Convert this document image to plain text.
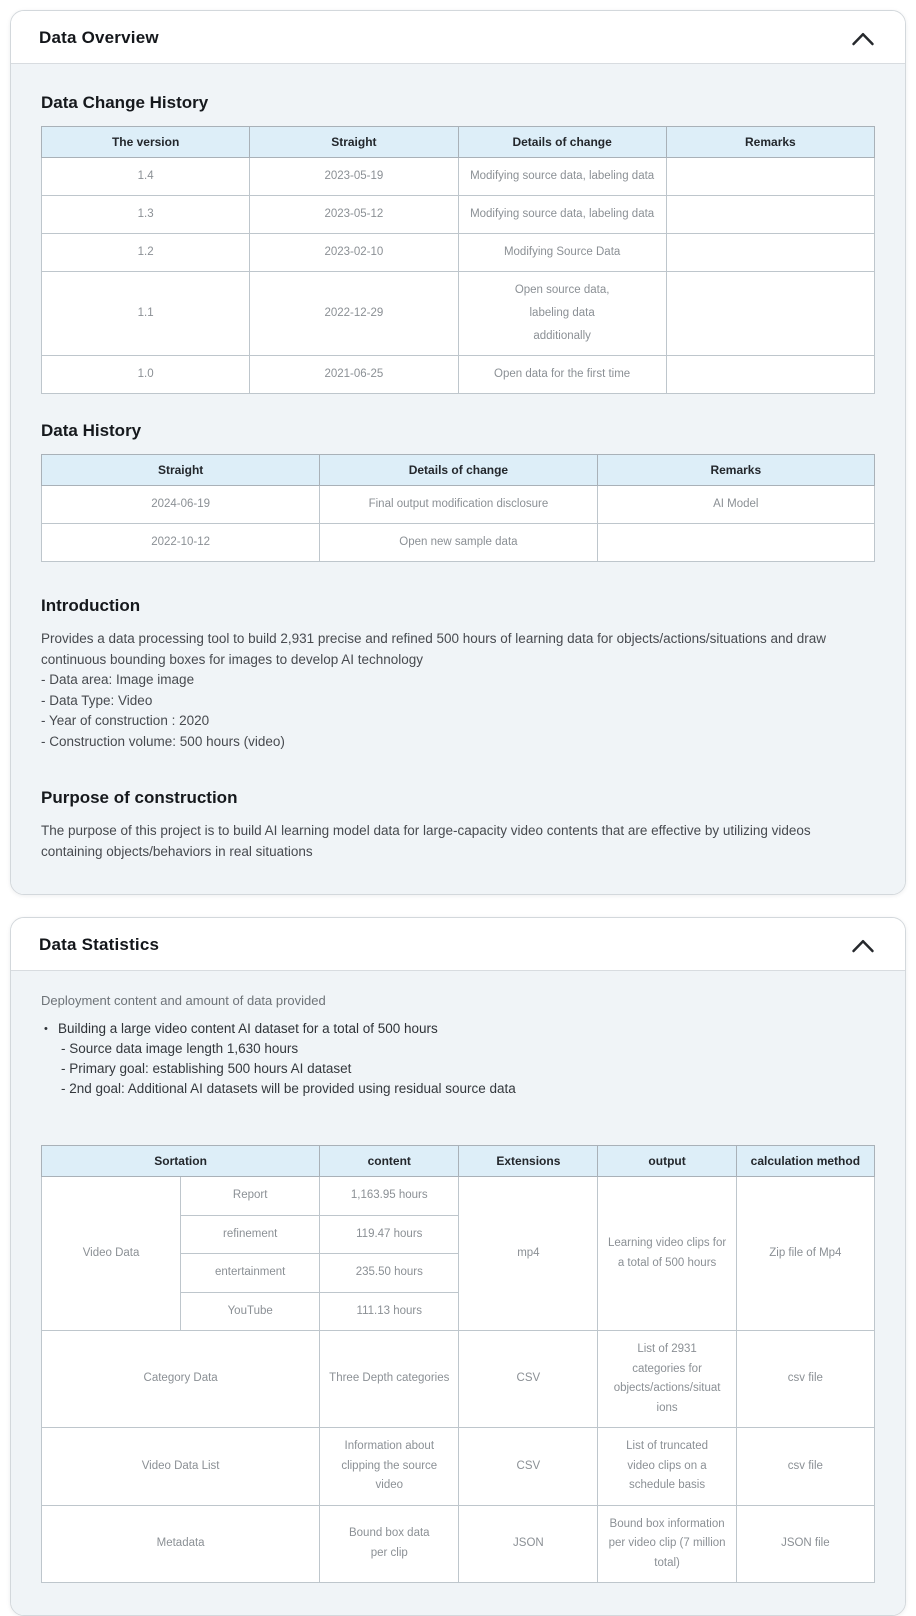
Data Overview
Data Change History
The version	Straight	Details of change	Remarks
1.4	2023-05-19	Modifying source data, labeling data	
1.3	2023-05-12	Modifying source data, labeling data	
1.2	2023-02-10	Modifying Source Data	
1.1	2022-12-29	Open source data, labeling data additionally	
1.0	2021-06-25	Open data for the first time	
Data History
Straight	Details of change	Remarks
2024-06-19	Final output modification disclosure	AI Model
2022-10-12	Open new sample data	
Introduction

Provides a data processing tool to build 2,931 precise and refined 500 hours of learning data for objects/actions/situations and draw continuous bounding boxes for images to develop AI technology

- Data area: Image image
- Data Type: Video
- Year of construction : 2020
- Construction volume: 500 hours (video)
Purpose of construction

The purpose of this project is to build AI learning model data for large-capacity video contents that are effective by utilizing videos containing objects/behaviors in real situations

Data Statistics

Deployment content and amount of data provided

• Building a large video content AI dataset for a total of 500 hours
- Source data image length 1,630 hours
- Primary goal: establishing 500 hours AI dataset
- 2nd goal: Additional AI datasets will be provided using residual source data
Sortation		content	Extensions	output	calculation method
Video Data	Report	1,163.95 hours	mp4	Learning video clips for a total of 500 hours	Zip file of Mp4
	refinement	119.47 hours			
	entertainment	235.50 hours			
	YouTube	111.13 hours			
Category Data		Three Depth categories	CSV	List of 2931 categories for objects/actions/situations	csv file
Video Data List		Information about clipping the source video	CSV	List of truncated video clips on a schedule basis	csv file
Metadata		Bound box data per clip	JSON	Bound box information per video clip (7 million total)	JSON file
